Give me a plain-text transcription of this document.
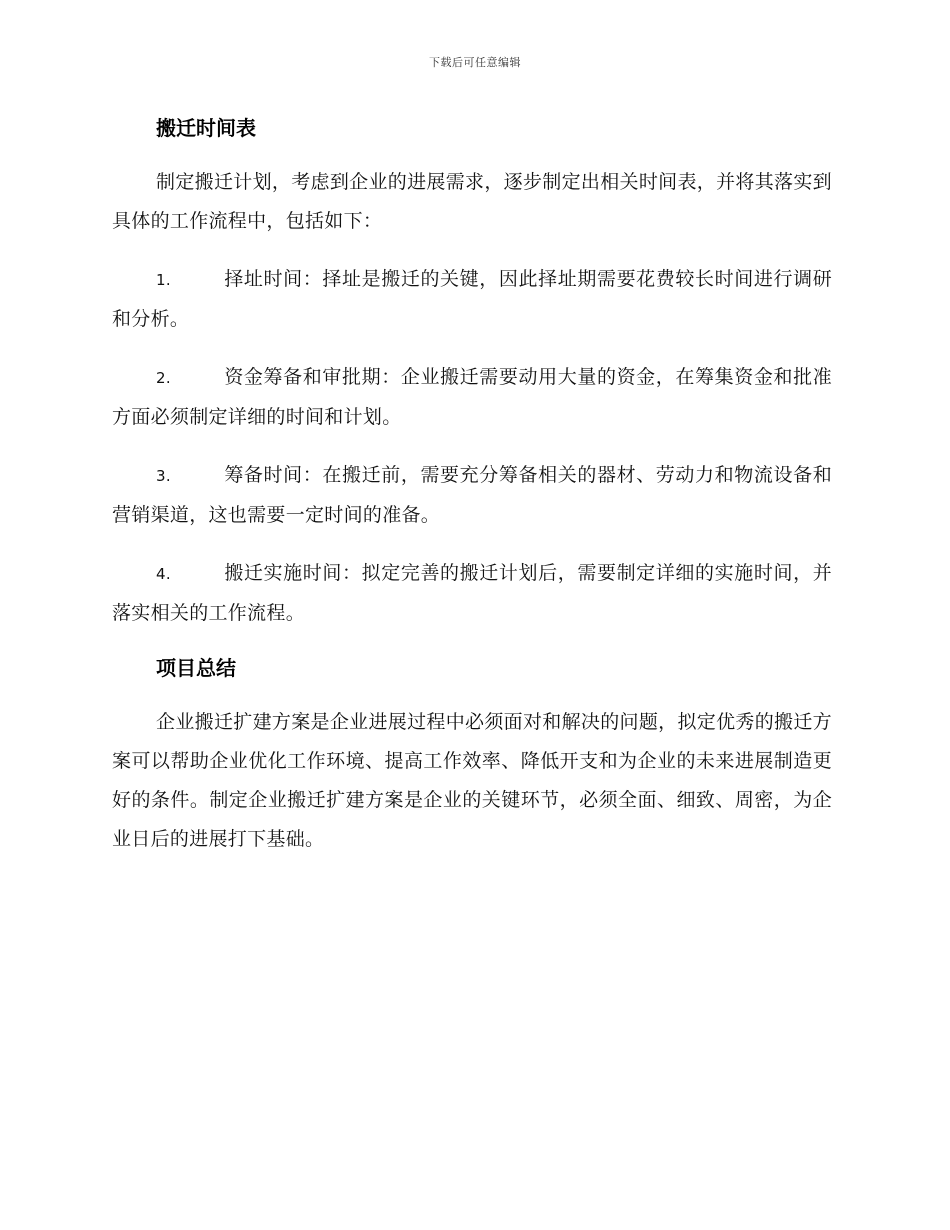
下载后可任意编辑
搬迁时间表

制定搬迁计划，考虑到企业的进展需求，逐步制定出相关时间表，并将其落实到具体的工作流程中，包括如下：

1.	择址时间：择址是搬迁的关键，因此择址期需要花费较长时间进行调研和分析。

2.	资金筹备和审批期：企业搬迁需要动用大量的资金，在筹集资金和批准方面必须制定详细的时间和计划。

3.	筹备时间：在搬迁前，需要充分筹备相关的器材、劳动力和物流设备和营销渠道，这也需要一定时间的准备。

4.	搬迁实施时间：拟定完善的搬迁计划后，需要制定详细的实施时间，并落实相关的工作流程。

项目总结

企业搬迁扩建方案是企业进展过程中必须面对和解决的问题，拟定优秀的搬迁方案可以帮助企业优化工作环境、提高工作效率、降低开支和为企业的未来进展制造更好的条件。制定企业搬迁扩建方案是企业的关键环节，必须全面、细致、周密，为企业日后的进展打下基础。
